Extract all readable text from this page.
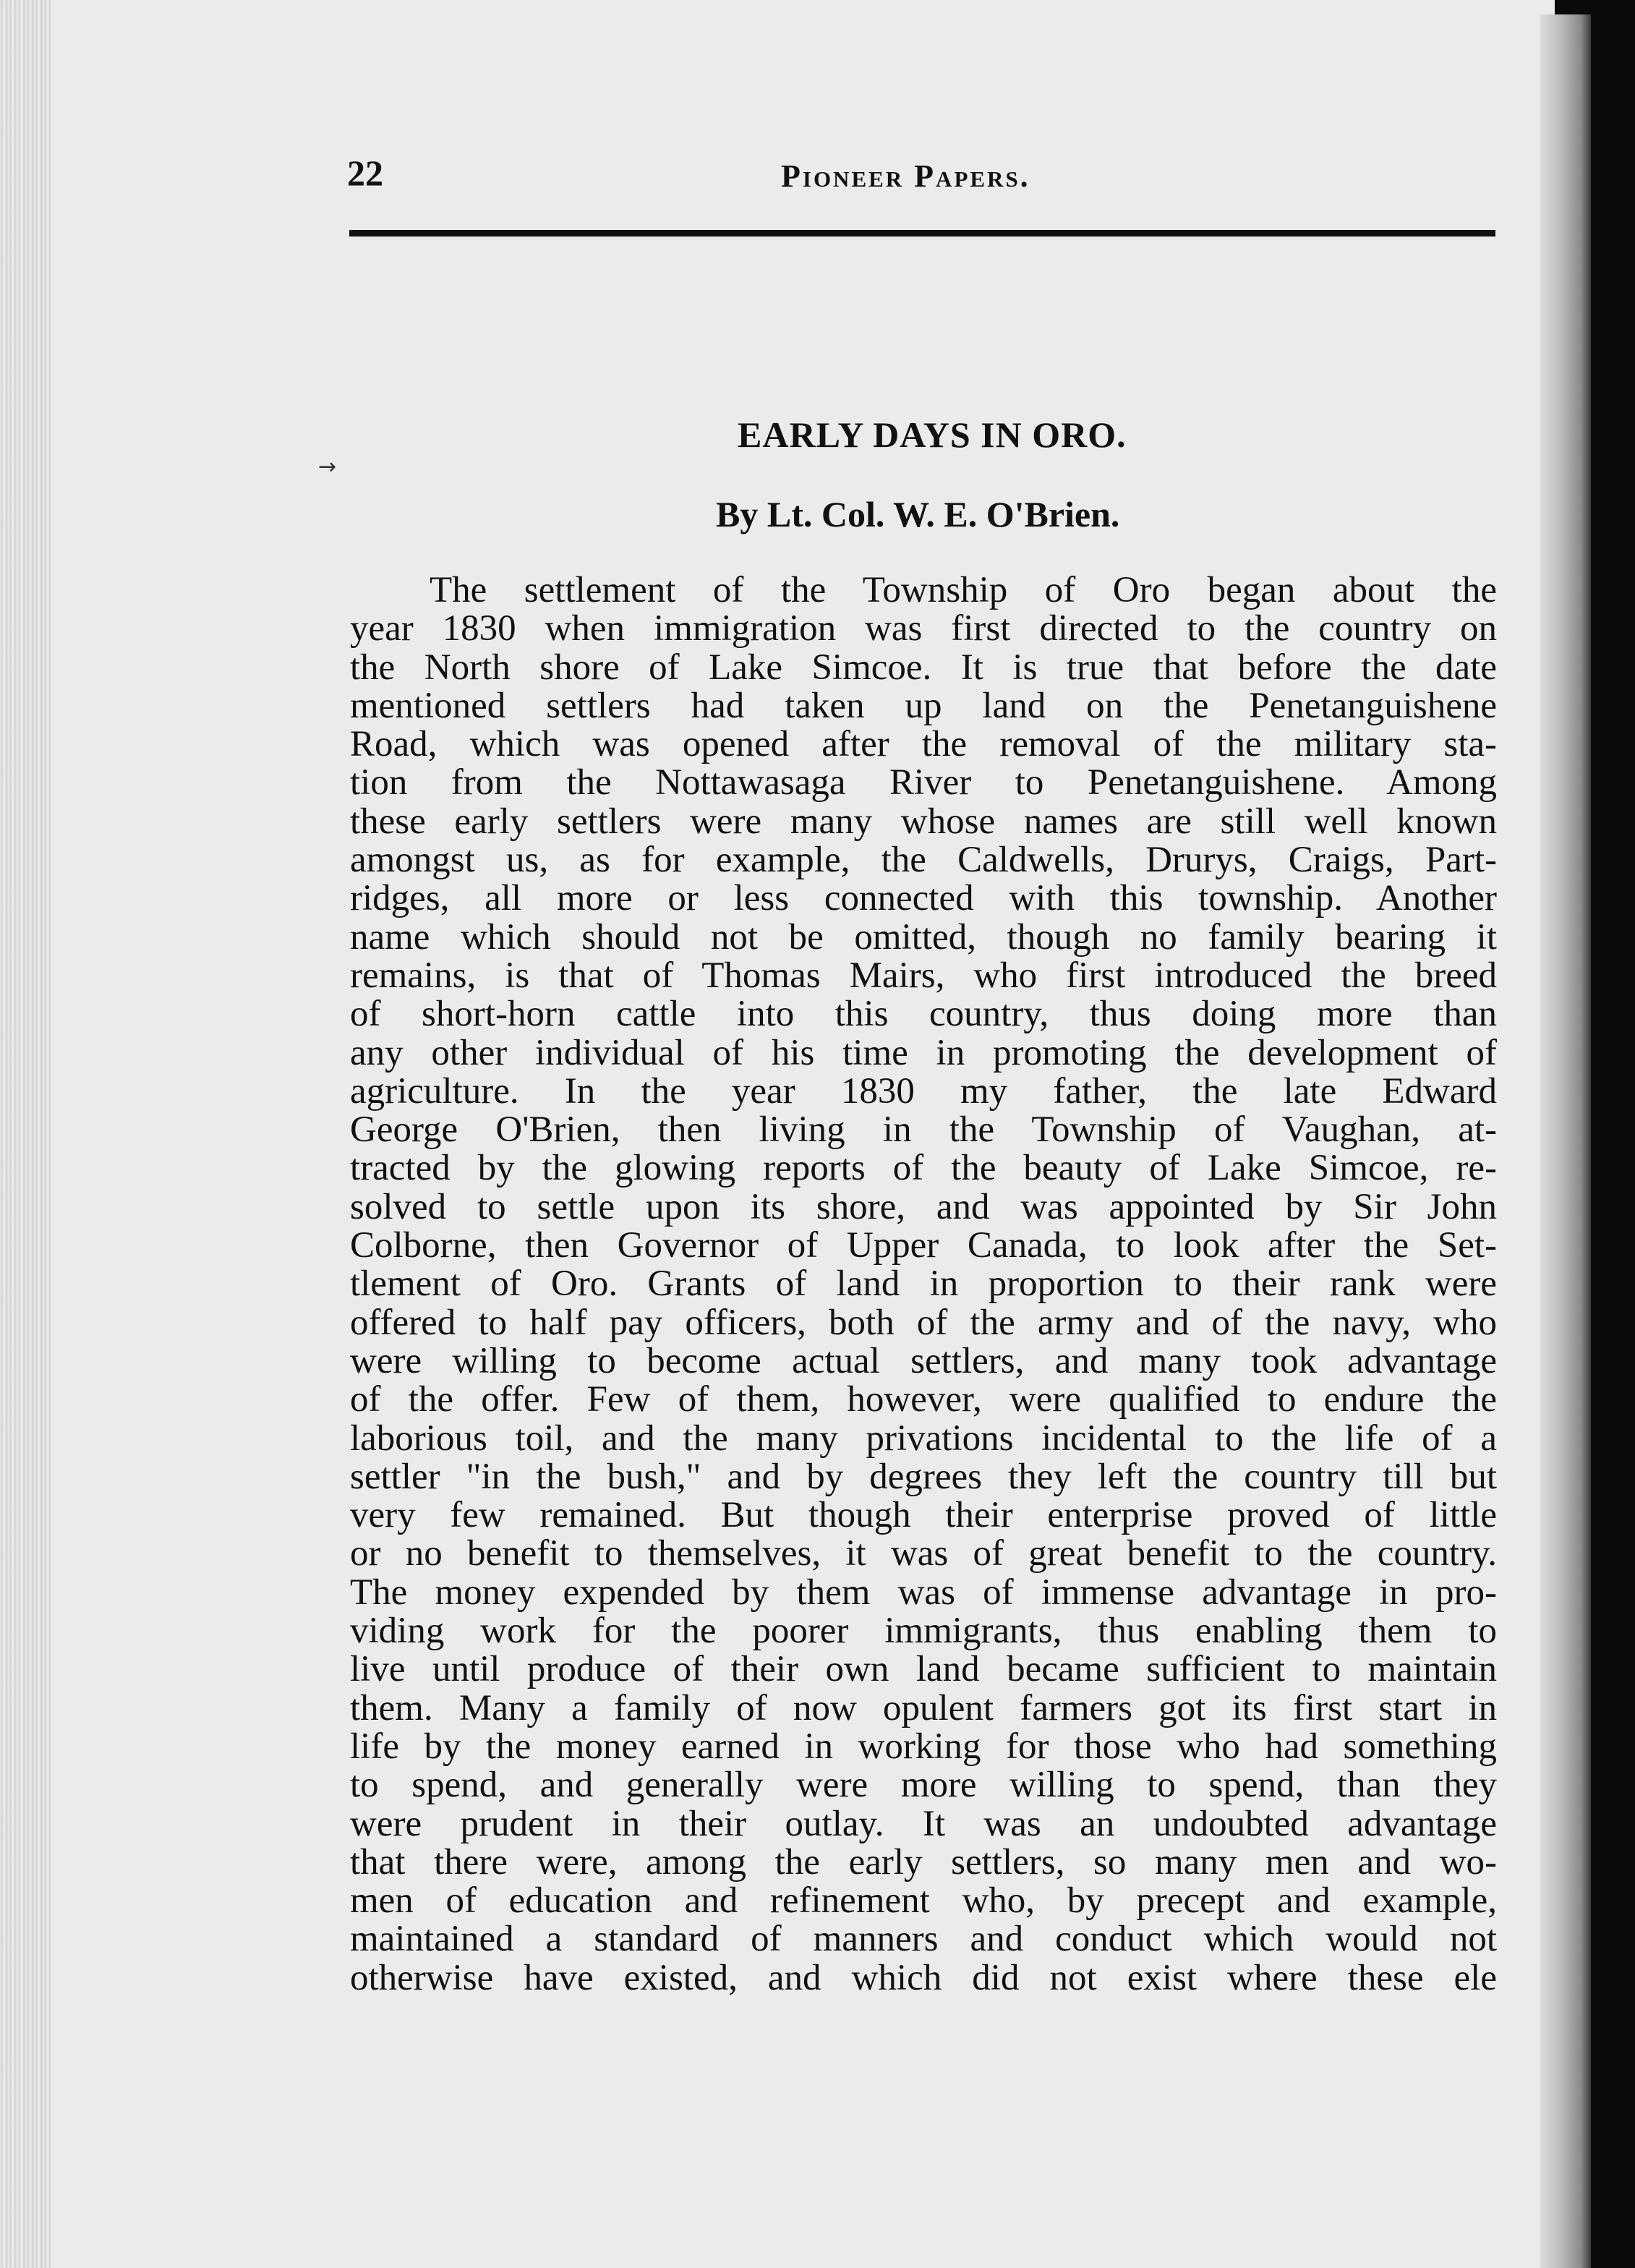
22	Pioneer Papers.
→
EARLY DAYS IN ORO.
By Lt. Col. W. E. O'Brien.
The settlement of the Township of Oro began about the
year 1830 when immigration was first directed to the country on
the North shore of Lake Simcoe. It is true that before the date
mentioned settlers had taken up land on the Penetanguishene
Road, which was opened after the removal of the military sta-
tion from the Nottawasaga River to Penetanguishene. Among
these early settlers were many whose names are still well known
amongst us, as for example, the Caldwells, Drurys, Craigs, Part-
ridges, all more or less connected with this township. Another
name which should not be omitted, though no family bearing it
remains, is that of Thomas Mairs, who first introduced the breed
of short-horn cattle into this country, thus doing more than
any other individual of his time in promoting the development of
agriculture. In the year 1830 my father, the late Edward
George O'Brien, then living in the Township of Vaughan, at-
tracted by the glowing reports of the beauty of Lake Simcoe, re-
solved to settle upon its shore, and was appointed by Sir John
Colborne, then Governor of Upper Canada, to look after the Set-
tlement of Oro. Grants of land in proportion to their rank were
offered to half pay officers, both of the army and of the navy, who
were willing to become actual settlers, and many took advantage
of the offer. Few of them, however, were qualified to endure the
laborious toil, and the many privations incidental to the life of a
settler "in the bush," and by degrees they left the country till but
very few remained. But though their enterprise proved of little
or no benefit to themselves, it was of great benefit to the country.
The money expended by them was of immense advantage in pro-
viding work for the poorer immigrants, thus enabling them to
live until produce of their own land became sufficient to maintain
them. Many a family of now opulent farmers got its first start in
life by the money earned in working for those who had something
to spend, and generally were more willing to spend, than they
were prudent in their outlay. It was an undoubted advantage
that there were, among the early settlers, so many men and wo-
men of education and refinement who, by precept and example,
maintained a standard of manners and conduct which would not
otherwise have existed, and which did not exist where these ele
